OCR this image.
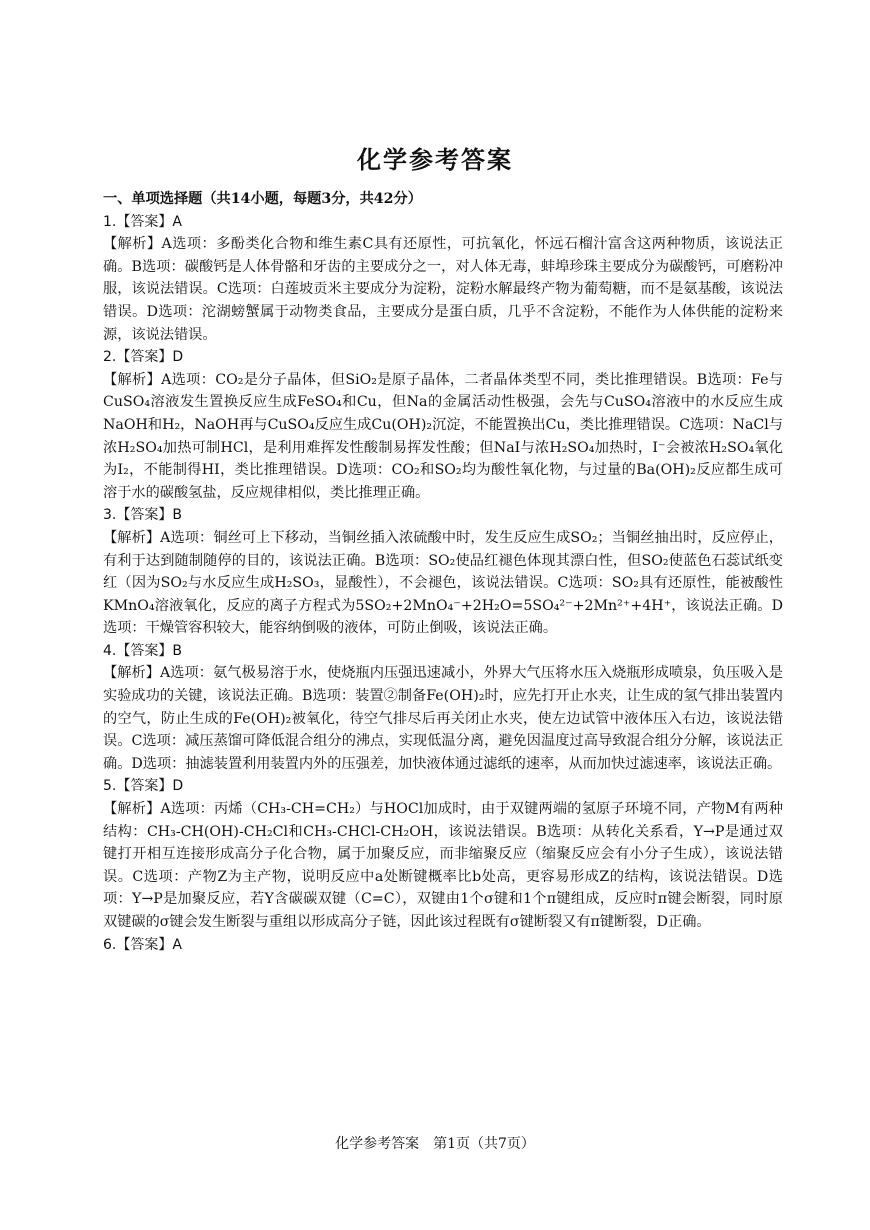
化学参考答案
一、单项选择题（共14小题，每题3分，共42分）
1.【答案】A

【解析】A选项：多酚类化合物和维生素C具有还原性，可抗氧化，怀远石榴汁富含这两种物质，该说法正确。B选项：碳酸钙是人体骨骼和牙齿的主要成分之一，对人体无毒，蚌埠珍珠主要成分为碳酸钙，可磨粉冲服，该说法错误。C选项：白莲坡贡米主要成分为淀粉，淀粉水解最终产物为葡萄糖，而不是氨基酸，该说法错误。D选项：沱湖螃蟹属于动物类食品，主要成分是蛋白质，几乎不含淀粉，不能作为人体供能的淀粉来源，该说法错误。

2.【答案】D

【解析】A选项：CO₂是分子晶体，但SiO₂是原子晶体，二者晶体类型不同，类比推理错误。B选项：Fe与CuSO₄溶液发生置换反应生成FeSO₄和Cu，但Na的金属活动性极强，会先与CuSO₄溶液中的水反应生成NaOH和H₂，NaOH再与CuSO₄反应生成Cu(OH)₂沉淀，不能置换出Cu，类比推理错误。C选项：NaCl与浓H₂SO₄加热可制HCl，是利用难挥发性酸制易挥发性酸；但NaI与浓H₂SO₄加热时，I⁻会被浓H₂SO₄氧化为I₂，不能制得HI，类比推理错误。D选项：CO₂和SO₂均为酸性氧化物，与过量的Ba(OH)₂反应都生成可溶于水的碳酸氢盐，反应规律相似，类比推理正确。

3.【答案】B

【解析】A选项：铜丝可上下移动，当铜丝插入浓硫酸中时，发生反应生成SO₂；当铜丝抽出时，反应停止，有利于达到随制随停的目的，该说法正确。B选项：SO₂使品红褪色体现其漂白性，但SO₂使蓝色石蕊试纸变红（因为SO₂与水反应生成H₂SO₃，显酸性），不会褪色，该说法错误。C选项：SO₂具有还原性，能被酸性KMnO₄溶液氧化，反应的离子方程式为5SO₂+2MnO₄⁻+2H₂O=5SO₄²⁻+2Mn²⁺+4H⁺，该说法正确。D选项：干燥管容积较大，能容纳倒吸的液体，可防止倒吸，该说法正确。

4.【答案】B

【解析】A选项：氨气极易溶于水，使烧瓶内压强迅速减小，外界大气压将水压入烧瓶形成喷泉，负压吸入是实验成功的关键，该说法正确。B选项：装置②制备Fe(OH)₂时，应先打开止水夹，让生成的氢气排出装置内的空气，防止生成的Fe(OH)₂被氧化，待空气排尽后再关闭止水夹，使左边试管中液体压入右边，该说法错误。C选项：减压蒸馏可降低混合组分的沸点，实现低温分离，避免因温度过高导致混合组分分解，该说法正确。D选项：抽滤装置利用装置内外的压强差，加快液体通过滤纸的速率，从而加快过滤速率，该说法正确。

5.【答案】D

【解析】A选项：丙烯（CH₃-CH=CH₂）与HOCl加成时，由于双键两端的氢原子环境不同，产物M有两种结构：CH₃-CH(OH)-CH₂Cl和CH₃-CHCl-CH₂OH，该说法错误。B选项：从转化关系看，Y→P是通过双键打开相互连接形成高分子化合物，属于加聚反应，而非缩聚反应（缩聚反应会有小分子生成），该说法错误。C选项：产物Z为主产物，说明反应中a处断键概率比b处高，更容易形成Z的结构，该说法错误。D选项：Y→P是加聚反应，若Y含碳碳双键（C=C），双键由1个σ键和1个π键组成，反应时π键会断裂，同时原双键碳的σ键会发生断裂与重组以形成高分子链，因此该过程既有σ键断裂又有π键断裂，D正确。

6.【答案】A
化学参考答案　第1页（共7页）
